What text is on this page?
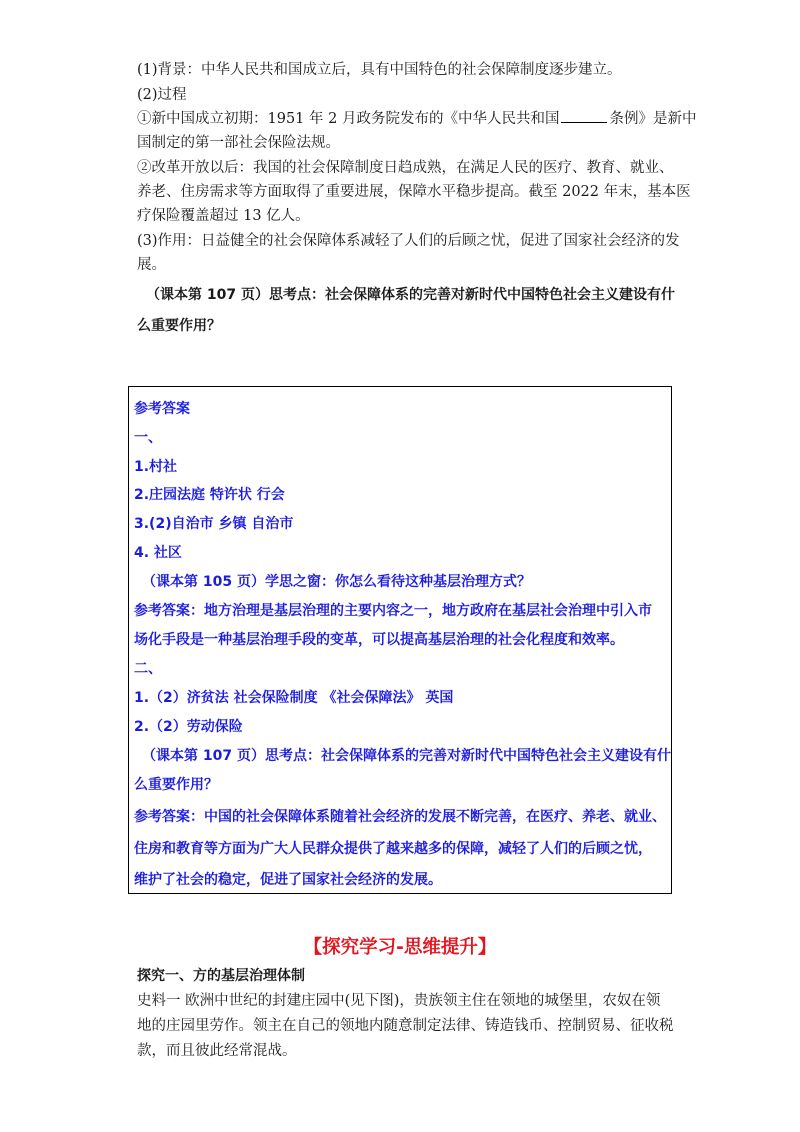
(1)背景：中华人民共和国成立后，具有中国特色的社会保障制度逐步建立。
(2)过程
①新中国成立初期：1951 年 2 月政务院发布的《中华人民共和国	条例》是新中
国制定的第一部社会保险法规。
②改革开放以后：我国的社会保障制度日趋成熟，在满足人民的医疗、教育、就业、
养老、住房需求等方面取得了重要进展，保障水平稳步提高。截至 2022 年末，基本医
疗保险覆盖超过 13 亿人。
(3)作用：日益健全的社会保障体系减轻了人们的后顾之忧，促进了国家社会经济的发
展。
（课本第 107 页）思考点：社会保障体系的完善对新时代中国特色社会主义建设有什
么重要作用？
参考答案
一、
1.村社
2.庄园法庭 特许状 行会
3.(2)自治市 乡镇 自治市
4. 社区
（课本第 105 页）学思之窗：你怎么看待这种基层治理方式？
参考答案：地方治理是基层治理的主要内容之一，地方政府在基层社会治理中引入市
场化手段是一种基层治理手段的变革，可以提高基层治理的社会化程度和效率。
二、
1.（2）济贫法 社会保险制度 《社会保障法》 英国
2.（2）劳动保险
（课本第 107 页）思考点：社会保障体系的完善对新时代中国特色社会主义建设有什
么重要作用？
参考答案：中国的社会保障体系随着社会经济的发展不断完善，在医疗、养老、就业、
住房和教育等方面为广大人民群众提供了越来越多的保障，减轻了人们的后顾之忧，
维护了社会的稳定，促进了国家社会经济的发展。
【探究学习-思维提升】
探究一、方的基层治理体制
史料一 欧洲中世纪的封建庄园中(见下图)，贵族领主住在领地的城堡里，农奴在领
地的庄园里劳作。领主在自己的领地内随意制定法律、铸造钱币、控制贸易、征收税
款，而且彼此经常混战。
